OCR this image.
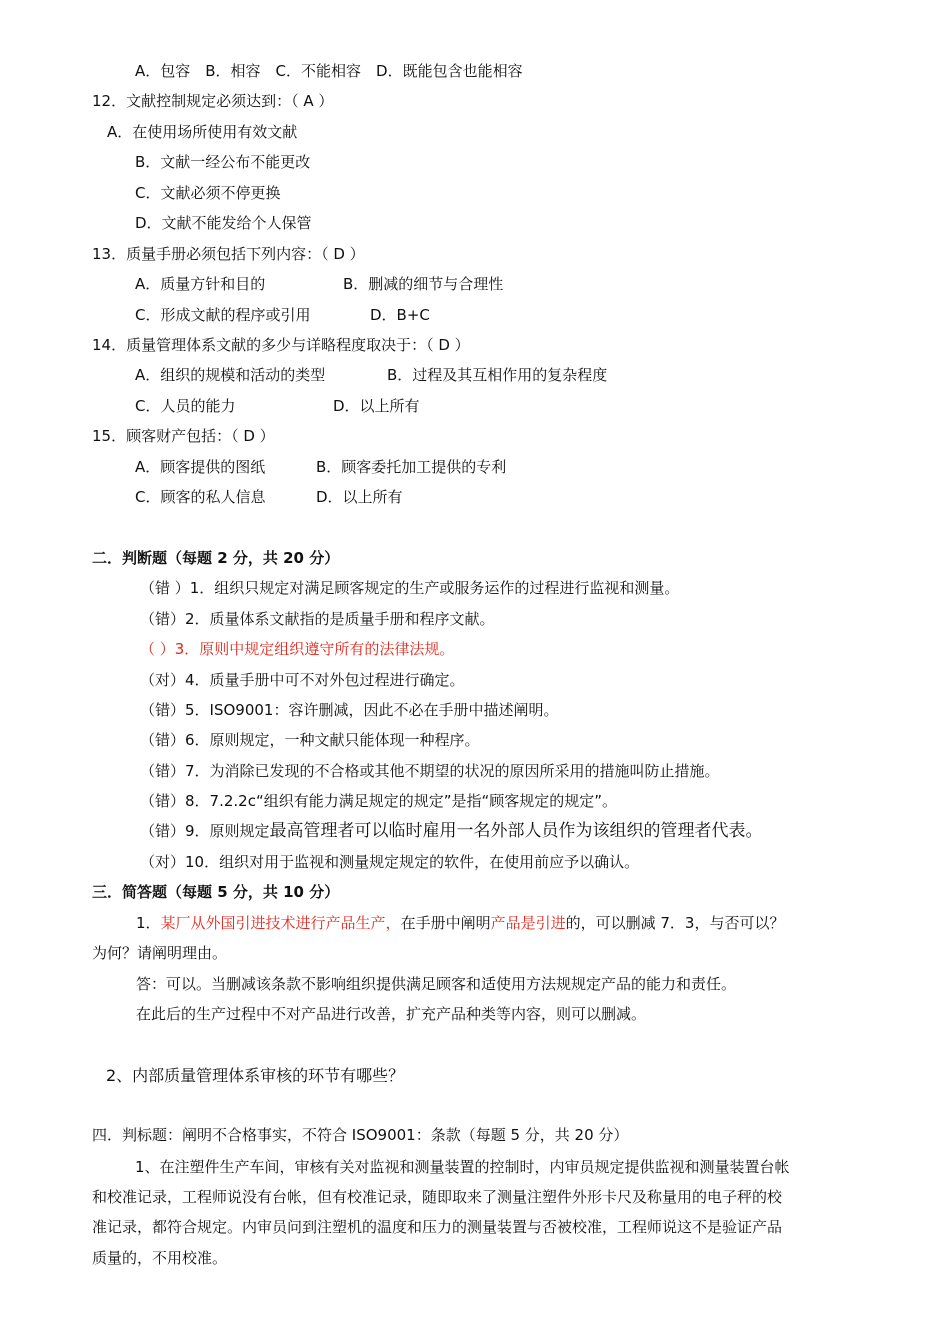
A．包容　B．相容　C．不能相容　D．既能包含也能相容
12．文献控制规定必须达到：（ A ）
A．在使用场所使用有效文献
B．文献一经公布不能更改
C．文献必须不停更换
D．文献不能发给个人保管
13．质量手册必须包括下列内容：（ D ）
A．质量方针和目的	B．删减的细节与合理性
C．形成文献的程序或引用	D．B+C
14．质量管理体系文献的多少与详略程度取决于：（ D ）
A．组织的规模和活动的类型	B．过程及其互相作用的复杂程度
C．人员的能力	D．以上所有
15．顾客财产包括：（ D ）
A．顾客提供的图纸	B．顾客委托加工提供的专利
C．顾客的私人信息	D．以上所有
二．判断题（每题 2 分，共 20 分）
（错 ）1．组织只规定对满足顾客规定的生产或服务运作的过程进行监视和测量。
（错）2．质量体系文献指的是质量手册和程序文献。
（ ）3．原则中规定组织遵守所有的法律法规。
（对）4．质量手册中可不对外包过程进行确定。
（错）5．ISO9001：容许删减，因此不必在手册中描述阐明。
（错）6．原则规定，一种文献只能体现一种程序。
（错）7．为消除已发现的不合格或其他不期望的状况的原因所采用的措施叫防止措施。
（错）8．7.2.2c“组织有能力满足规定的规定”是指“顾客规定的规定”。
（错）9．原则规定最高管理者可以临时雇用一名外部人员作为该组织的管理者代表。
（对）10．组织对用于监视和测量规定规定的软件，在使用前应予以确认。
三．简答题（每题 5 分，共 10 分）
1．某厂从外国引进技术进行产品生产，在手册中阐明产品是引进的，可以删减 7．3，与否可以？
为何？请阐明理由。
答：可以。当删减该条款不影响组织提供满足顾客和适使用方法规规定产品的能力和责任。
在此后的生产过程中不对产品进行改善，扩充产品种类等内容，则可以删减。
2、内部质量管理体系审核的环节有哪些？
四．判标题：阐明不合格事实，不符合 ISO9001：条款（每题 5 分，共 20 分）
1、在注塑件生产车间，审核有关对监视和测量装置的控制时，内审员规定提供监视和测量装置台帐
和校准记录，工程师说没有台帐，但有校准记录，随即取来了测量注塑件外形卡尺及称量用的电子秤的校
准记录，都符合规定。内审员问到注塑机的温度和压力的测量装置与否被校准，工程师说这不是验证产品
质量的，不用校准。
